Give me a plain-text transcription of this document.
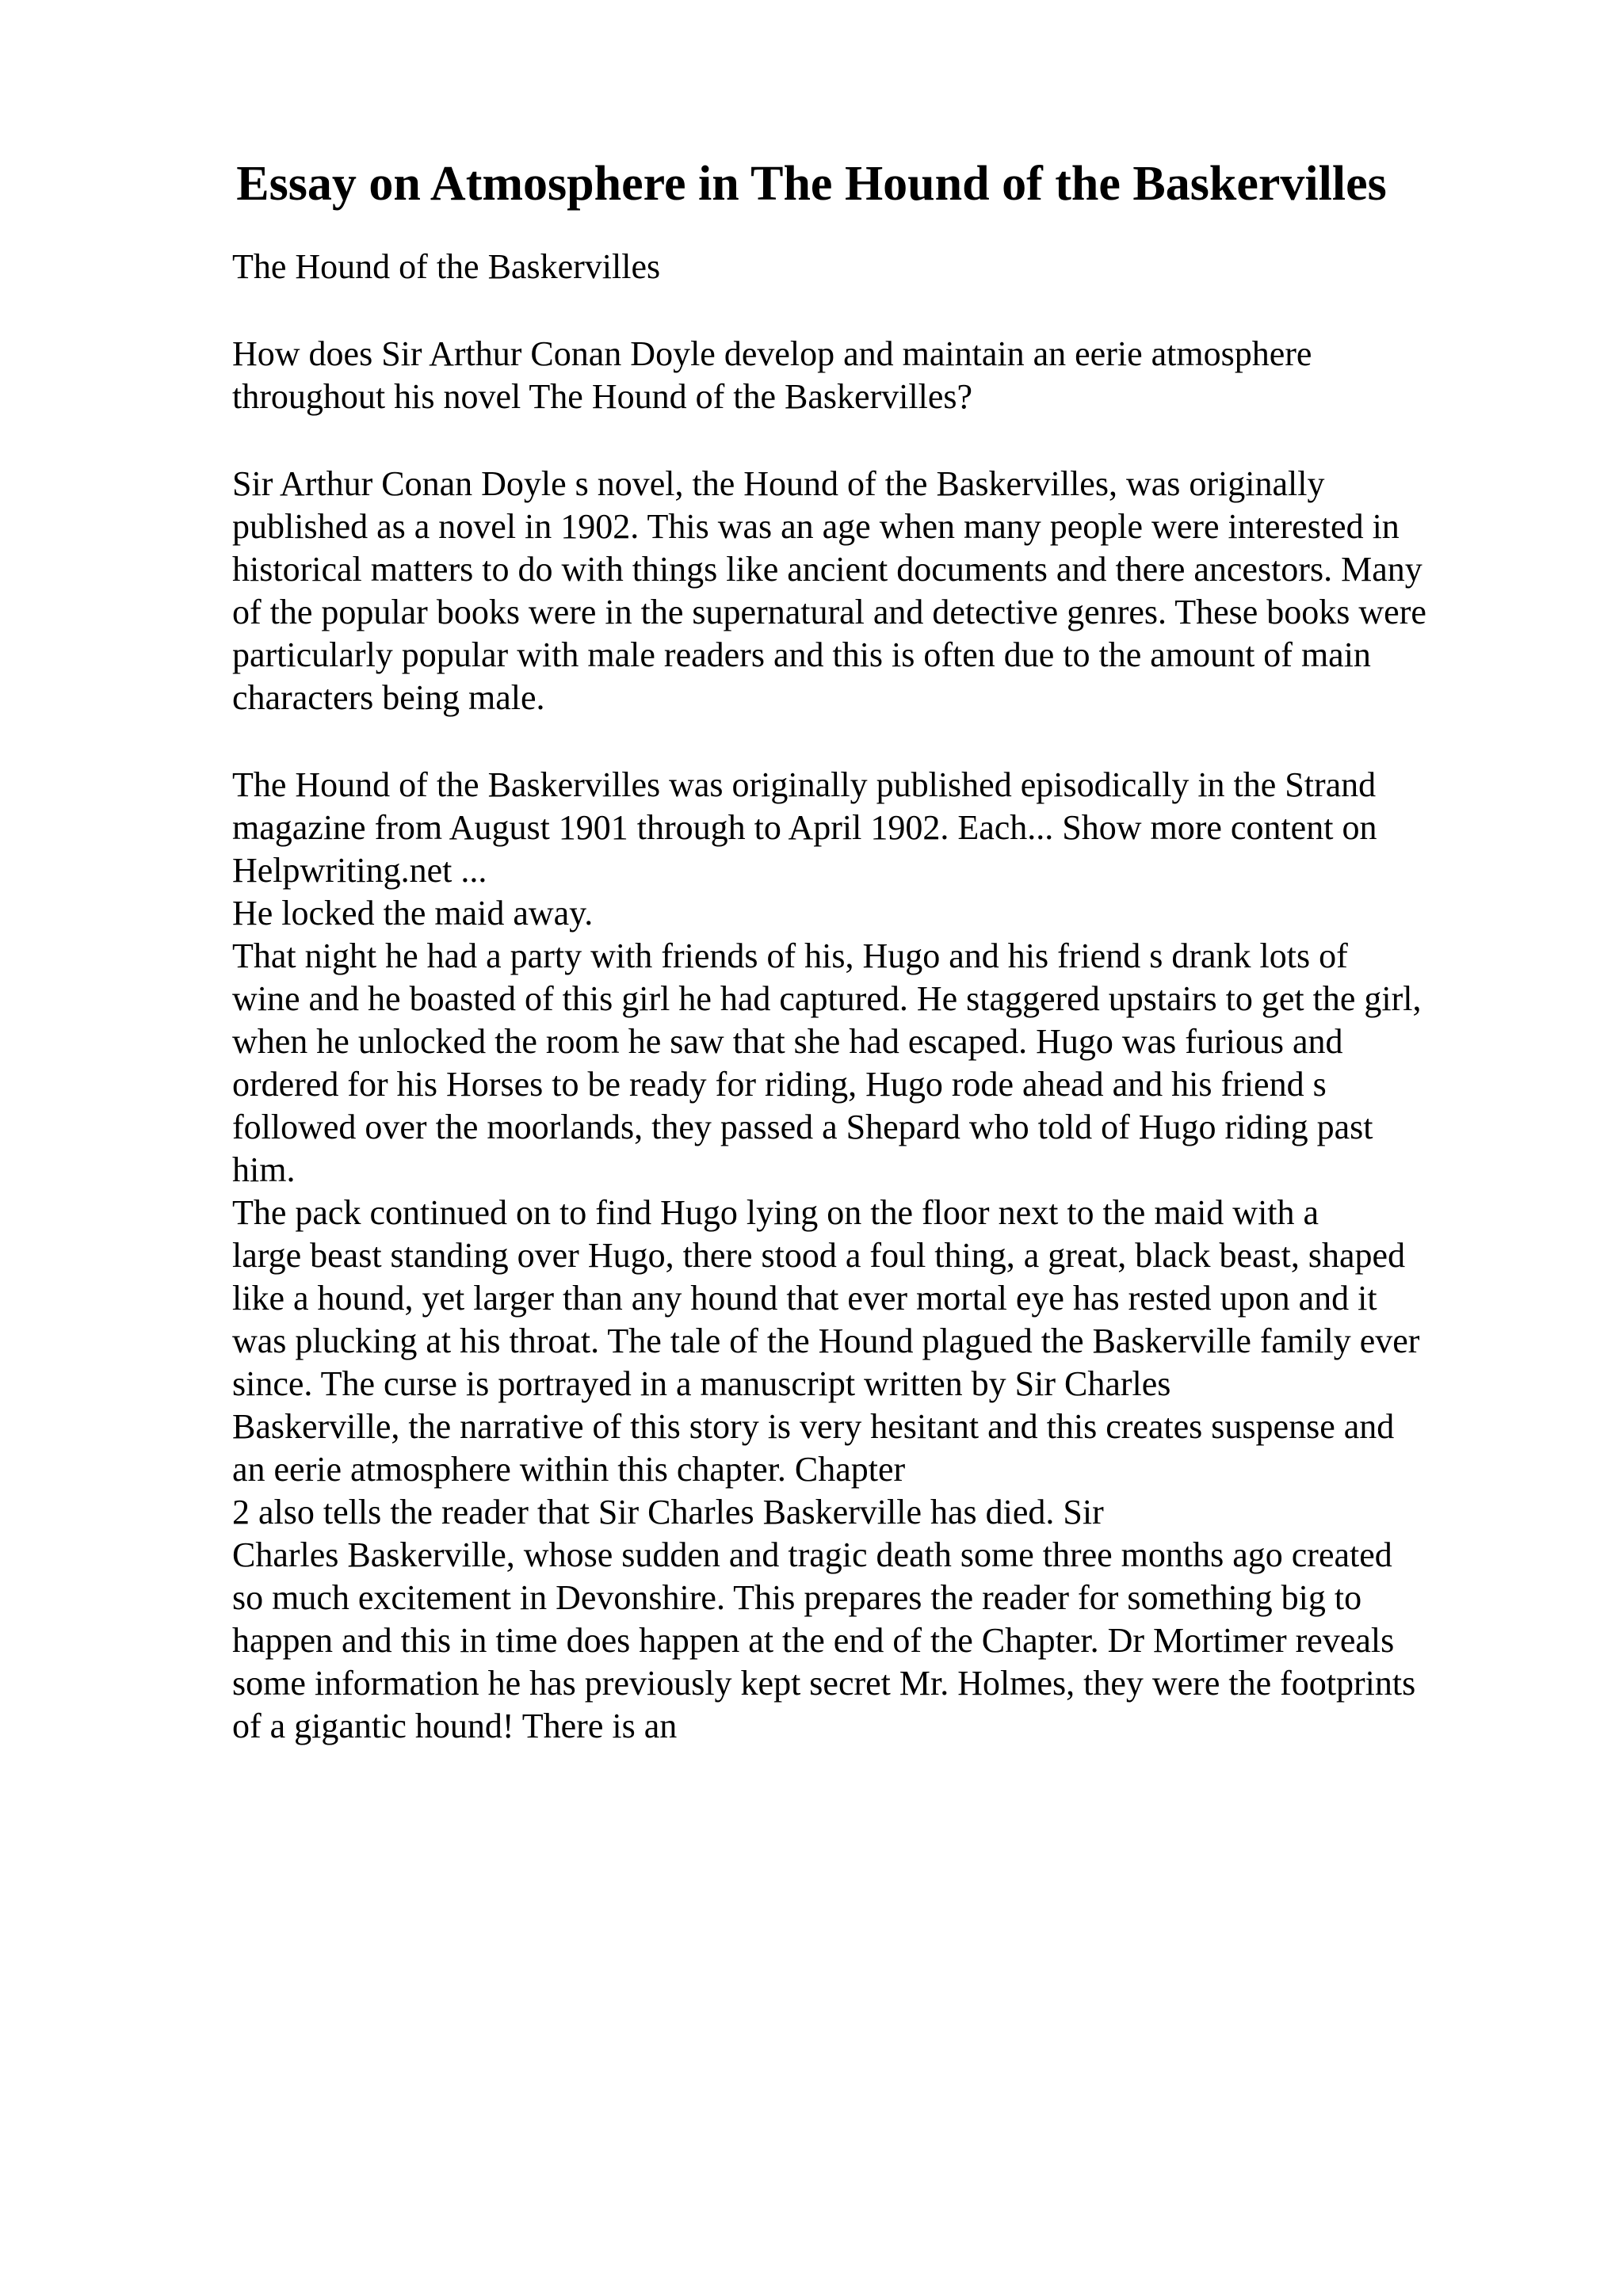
Essay on Atmosphere in The Hound of the Baskervilles
The Hound of the Baskervilles
How does Sir Arthur Conan Doyle develop and maintain an eerie atmosphere
throughout his novel The Hound of the Baskervilles?
Sir Arthur Conan Doyle s novel, the Hound of the Baskervilles, was originally
published as a novel in 1902. This was an age when many people were interested in
historical matters to do with things like ancient documents and there ancestors. Many
of the popular books were in the supernatural and detective genres. These books were
particularly popular with male readers and this is often due to the amount of main
characters being male.
The Hound of the Baskervilles was originally published episodically in the Strand
magazine from August 1901 through to April 1902. Each... Show more content on
Helpwriting.net ...
He locked the maid away.
That night he had a party with friends of his, Hugo and his friend s drank lots of
wine and he boasted of this girl he had captured. He staggered upstairs to get the girl,
when he unlocked the room he saw that she had escaped. Hugo was furious and
ordered for his Horses to be ready for riding, Hugo rode ahead and his friend s
followed over the moorlands, they passed a Shepard who told of Hugo riding past
him.
The pack continued on to find Hugo lying on the floor next to the maid with a
large beast standing over Hugo, there stood a foul thing, a great, black beast, shaped
like a hound, yet larger than any hound that ever mortal eye has rested upon and it
was plucking at his throat. The tale of the Hound plagued the Baskerville family ever
since. The curse is portrayed in a manuscript written by Sir Charles
Baskerville, the narrative of this story is very hesitant and this creates suspense and
an eerie atmosphere within this chapter. Chapter
2 also tells the reader that Sir Charles Baskerville has died. Sir
Charles Baskerville, whose sudden and tragic death some three months ago created
so much excitement in Devonshire. This prepares the reader for something big to
happen and this in time does happen at the end of the Chapter. Dr Mortimer reveals
some information he has previously kept secret Mr. Holmes, they were the footprints
of a gigantic hound! There is an
